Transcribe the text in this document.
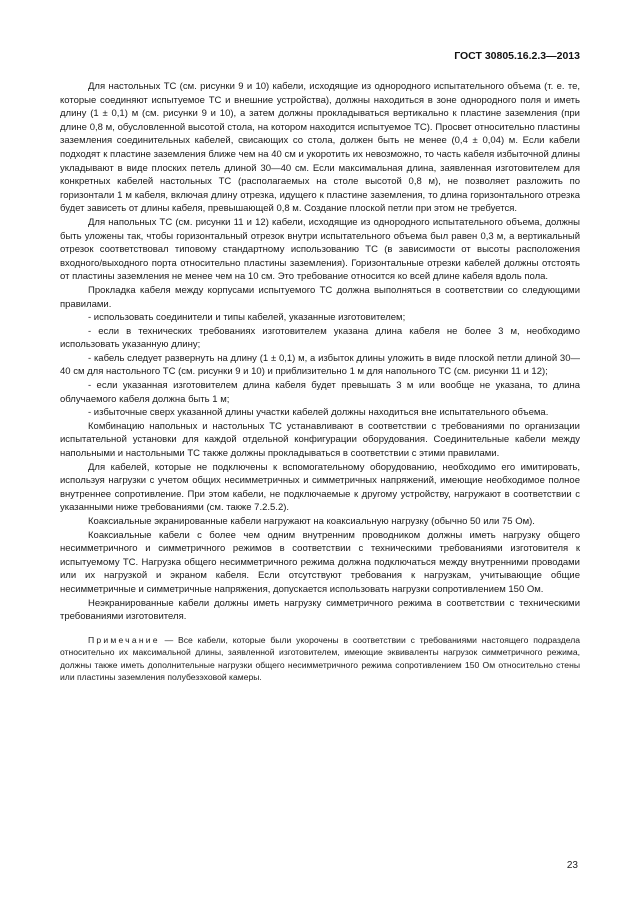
ГОСТ 30805.16.2.3—2013

Для настольных ТС (см. рисунки 9 и 10) кабели, исходящие из однородного испытательного объема (т. е. те, которые соединяют испытуемое ТС и внешние устройства), должны находиться в зоне однородного поля и иметь длину (1 ± 0,1) м (см. рисунки 9 и 10), а затем должны прокладываться вертикально к пластине заземления (при длине 0,8 м, обусловленной высотой стола, на котором находится испытуемое ТС). Просвет относительно пластины заземления соединительных кабелей, свисающих со стола, должен быть не менее (0,4 ± 0,04) м. Если кабели подходят к пластине заземления ближе чем на 40 см и укоротить их невозможно, то часть кабеля избыточной длины укладывают в виде плоских петель длиной 30—40 см. Если максимальная длина, заявленная изготовителем для конкретных кабелей настольных ТС (располагаемых на столе высотой 0,8 м), не позволяет разложить по горизонтали 1 м кабеля, включая длину отрезка, идущего к пластине заземления, то длина горизонтального отрезка будет зависеть от длины кабеля, превышающей 0,8 м. Создание плоской петли при этом не требуется.

Для напольных ТС (см. рисунки 11 и 12) кабели, исходящие из однородного испытательного объема, должны быть уложены так, чтобы горизонтальный отрезок внутри испытательного объема был равен 0,3 м, а вертикальный отрезок соответствовал типовому стандартному использованию ТС (в зависимости от высоты расположения входного/выходного порта относительно пластины заземления). Горизонтальные отрезки кабелей должны отстоять от пластины заземления не менее чем на 10 см. Это требование относится ко всей длине кабеля вдоль пола.

Прокладка кабеля между корпусами испытуемого ТС должна выполняться в соответствии со следующими правилами.

- использовать соединители и типы кабелей, указанные изготовителем;

- если в технических требованиях изготовителем указана длина кабеля не более 3 м, необходимо использовать указанную длину;

- кабель следует развернуть на длину (1 ± 0,1) м, а избыток длины уложить в виде плоской петли длиной 30—40 см для настольного ТС (см. рисунки 9 и 10) и приблизительно 1 м для напольного ТС (см. рисунки 11 и 12);

- если указанная изготовителем длина кабеля будет превышать 3 м или вообще не указана, то длина облучаемого кабеля должна быть 1 м;

- избыточные сверх указанной длины участки кабелей должны находиться вне испытательного объема.

Комбинацию напольных и настольных ТС устанавливают в соответствии с требованиями по организации испытательной установки для каждой отдельной конфигурации оборудования. Соединительные кабели между напольными и настольными ТС также должны прокладываться в соответствии с этими правилами.

Для кабелей, которые не подключены к вспомогательному оборудованию, необходимо его имитировать, используя нагрузки с учетом общих несимметричных и симметричных напряжений, имеющие необходимое полное внутреннее сопротивление. При этом кабели, не подключаемые к другому устройству, нагружают в соответствии с указанными ниже требованиями (см. также 7.2.5.2).

Коаксиальные экранированные кабели нагружают на коаксиальную нагрузку (обычно 50 или 75 Ом).

Коаксиальные кабели с более чем одним внутренним проводником должны иметь нагрузку общего несимметричного и симметричного режимов в соответствии с техническими требованиями изготовителя к испытуемому ТС. Нагрузка общего несимметричного режима должна подключаться между внутренними проводами или их нагрузкой и экраном кабеля. Если отсутствуют требования к нагрузкам, учитывающие общие несимметричные и симметричные напряжения, допускается использовать нагрузки сопротивлением 150 Ом.

Неэкранированные кабели должны иметь нагрузку симметричного режима в соответствии с техническими требованиями изготовителя.

Примечание — Все кабели, которые были укорочены в соответствии с требованиями настоящего подраздела относительно их максимальной длины, заявленной изготовителем, имеющие эквиваленты нагрузок симметричного режима, должны также иметь дополнительные нагрузки общего несимметричного режима сопротивлением 150 Ом относительно стены или пластины заземления полубезэховой камеры.

23
